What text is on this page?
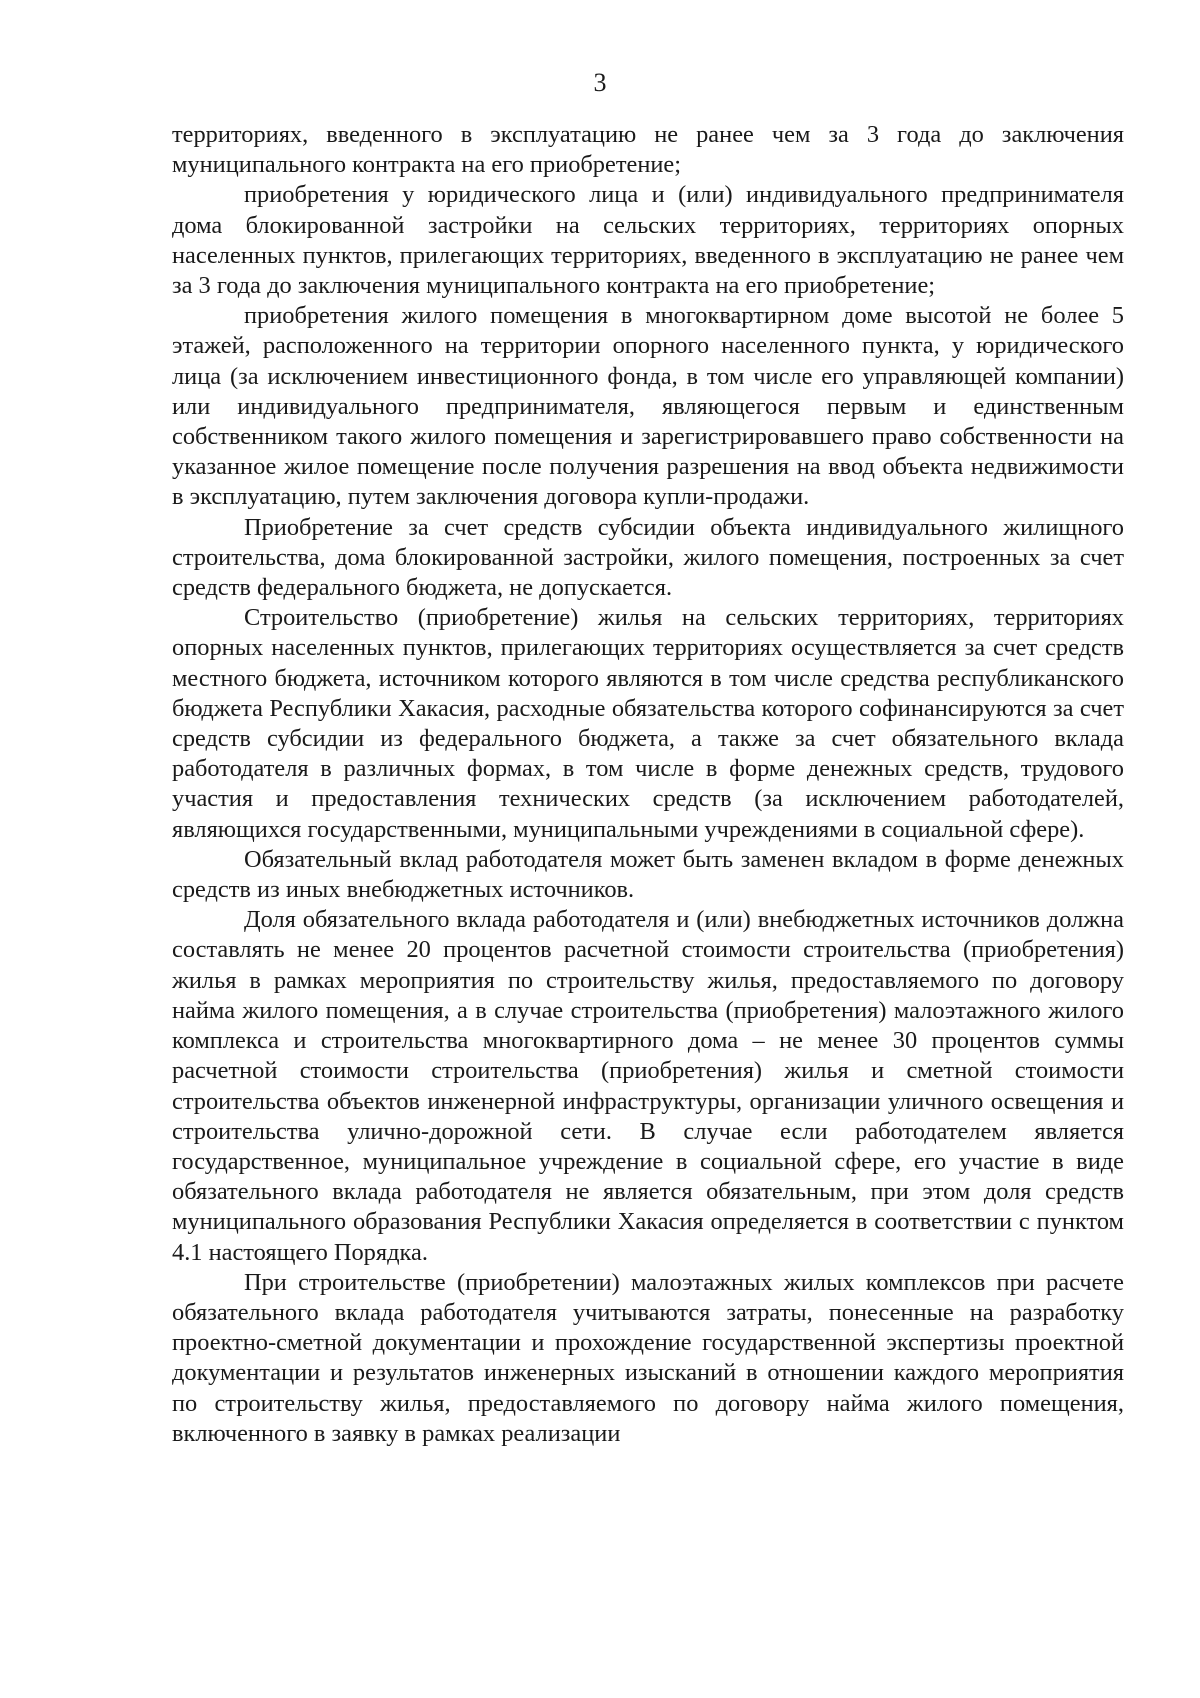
3

территориях, введенного в эксплуатацию не ранее чем за 3 года до заключения муниципального контракта на его приобретение;

приобретения у юридического лица и (или) индивидуального предпринимателя дома блокированной застройки на сельских территориях, территориях опорных населенных пунктов, прилегающих территориях, введенного в эксплуатацию не ранее чем за 3 года до заключения муниципального контракта на его приобретение;

приобретения жилого помещения в многоквартирном доме высотой не более 5 этажей, расположенного на территории опорного населенного пункта, у юридического лица (за исключением инвестиционного фонда, в том числе его управляющей компании) или индивидуального предпринимателя, являющегося первым и единственным собственником такого жилого помещения и зарегистрировавшего право собственности на указанное жилое помещение после получения разрешения на ввод объекта недвижимости в эксплуатацию, путем заключения договора купли-продажи.

Приобретение за счет средств субсидии объекта индивидуального жилищного строительства, дома блокированной застройки, жилого помещения, построенных за счет средств федерального бюджета, не допускается.

Строительство (приобретение) жилья на сельских территориях, территориях опорных населенных пунктов, прилегающих территориях осуществляется за счет средств местного бюджета, источником которого являются в том числе средства республиканского бюджета Республики Хакасия, расходные обязательства которого софинансируются за счет средств субсидии из федерального бюджета, а также за счет обязательного вклада работодателя в различных формах, в том числе в форме денежных средств, трудового участия и предоставления технических средств (за исключением работодателей, являющихся государственными, муниципальными учреждениями в социальной сфере).

Обязательный вклад работодателя может быть заменен вкладом в форме денежных средств из иных внебюджетных источников.

Доля обязательного вклада работодателя и (или) внебюджетных источников должна составлять не менее 20 процентов расчетной стоимости строительства (приобретения) жилья в рамках мероприятия по строительству жилья, предоставляемого по договору найма жилого помещения, а в случае строительства (приобретения) малоэтажного жилого комплекса и строительства многоквартирного дома – не менее 30 процентов суммы расчетной стоимости строительства (приобретения) жилья и сметной стоимости строительства объектов инженерной инфраструктуры, организации уличного освещения и строительства улично-дорожной сети. В случае если работодателем является государственное, муниципальное учреждение в социальной сфере, его участие в виде обязательного вклада работодателя не является обязательным, при этом доля средств муниципального образования Республики Хакасия определяется в соответствии с пунктом 4.1 настоящего Порядка.

При строительстве (приобретении) малоэтажных жилых комплексов при расчете обязательного вклада работодателя учитываются затраты, понесенные на разработку проектно-сметной документации и прохождение государственной экспертизы проектной документации и результатов инженерных изысканий в отношении каждого мероприятия по строительству жилья, предоставляемого по договору найма жилого помещения, включенного в заявку в рамках реализации
